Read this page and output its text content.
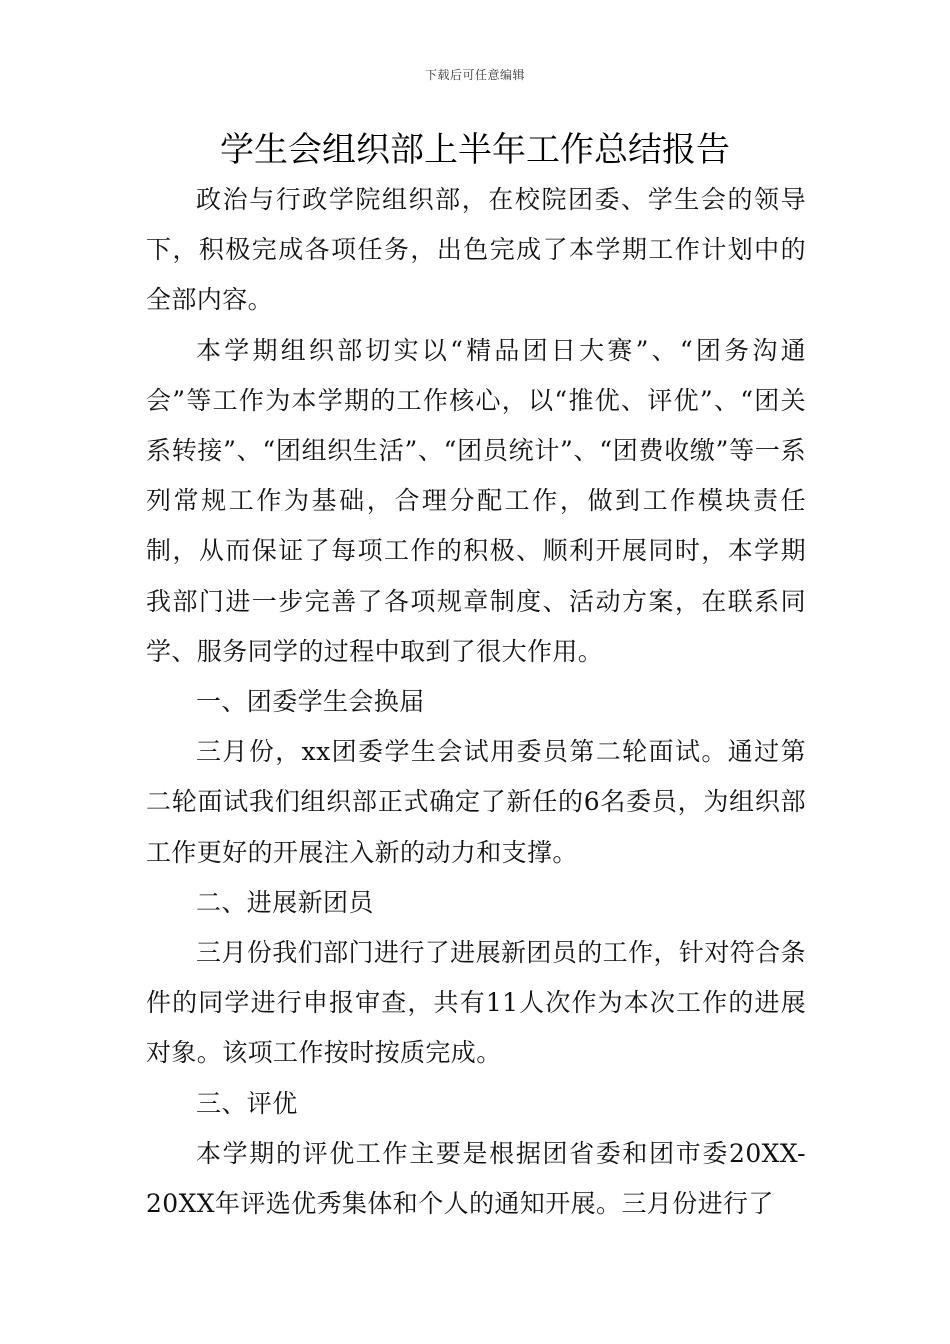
下载后可任意编辑
学生会组织部上半年工作总结报告

政治与行政学院组织部，在校院团委、学生会的领导下，积极完成各项任务，出色完成了本学期工作计划中的全部内容。

本学期组织部切实以“精品团日大赛”、“团务沟通会”等工作为本学期的工作核心，以“推优、评优”、“团关系转接”、“团组织生活”、“团员统计”、“团费收缴”等一系列常规工作为基础，合理分配工作，做到工作模块责任制，从而保证了每项工作的积极、顺利开展同时，本学期我部门进一步完善了各项规章制度、活动方案，在联系同学、服务同学的过程中取到了很大作用。

一、团委学生会换届

三月份，xx团委学生会试用委员第二轮面试。通过第二轮面试我们组织部正式确定了新任的6名委员，为组织部工作更好的开展注入新的动力和支撑。

二、进展新团员

三月份我们部门进行了进展新团员的工作，针对符合条件的同学进行申报审查，共有11人次作为本次工作的进展对象。该项工作按时按质完成。

三、评优

本学期的评优工作主要是根据团省委和团市委20XX-20XX年评选优秀集体和个人的通知开展。三月份进行了
